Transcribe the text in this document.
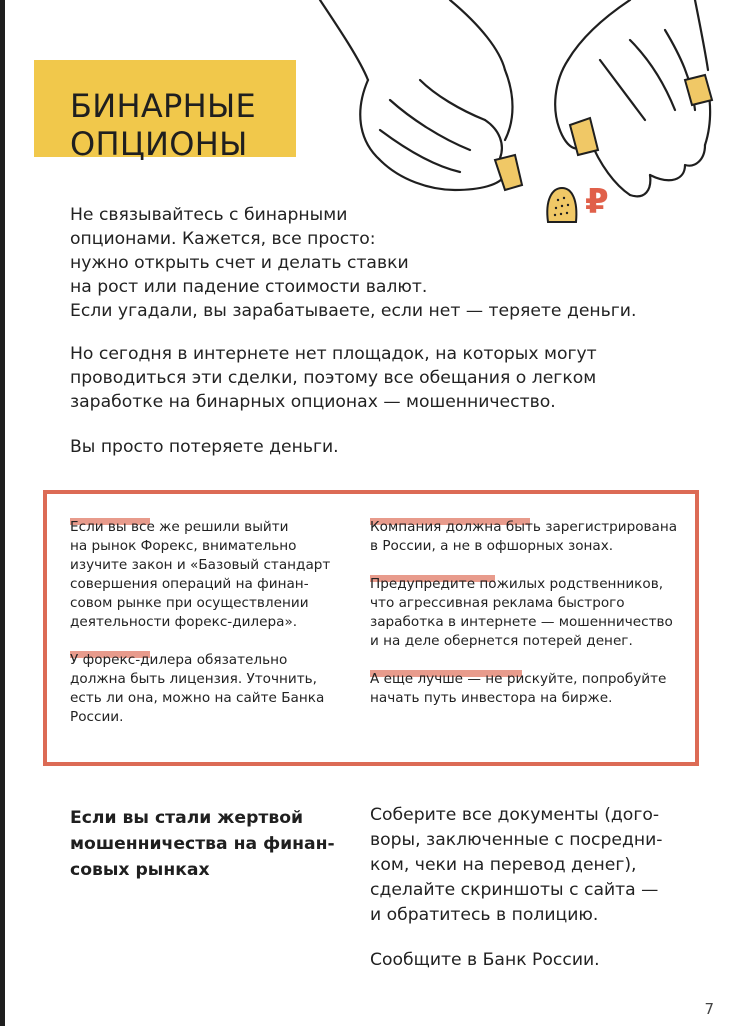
₽
БИНАРНЫЕ
ОПЦИОНЫ

Не связывайтесь с бинарными
опционами. Кажется, все просто:
нужно открыть счет и делать ставки
на рост или падение стоимости валют.
Если угадали, вы зарабатываете, если нет — теряете деньги.

Но сегодня в интернете нет площадок, на которых могут
проводиться эти сделки, поэтому все обещания о легком
заработке на бинарных опционах — мошенничество.

Вы просто потеряете деньги.

Если вы все же решили выйти
на рынок Форекс, внимательно
изучите закон и «Базовый стандарт
совершения операций на финан-
совом рынке при осуществлении
деятельности форекс-дилера».

У форекс-дилера обязательно
должна быть лицензия. Уточнить,
есть ли она, можно на сайте Банка
России.

Компания должна быть зарегистрирована
в России, а не в офшорных зонах.

Предупредите пожилых родственников,
что агрессивная реклама быстрого
заработка в интернете — мошенничество
и на деле обернется потерей денег.

А еще лучше — не рискуйте, попробуйте
начать путь инвестора на бирже.

Если вы стали жертвой
мошенничества на финан-
совых рынках

Соберите все документы (дого-
воры, заключенные с посредни-
ком, чеки на перевод денег),
сделайте скриншоты с сайта —
и обратитесь в полицию.
Сообщите в Банк России.

7
